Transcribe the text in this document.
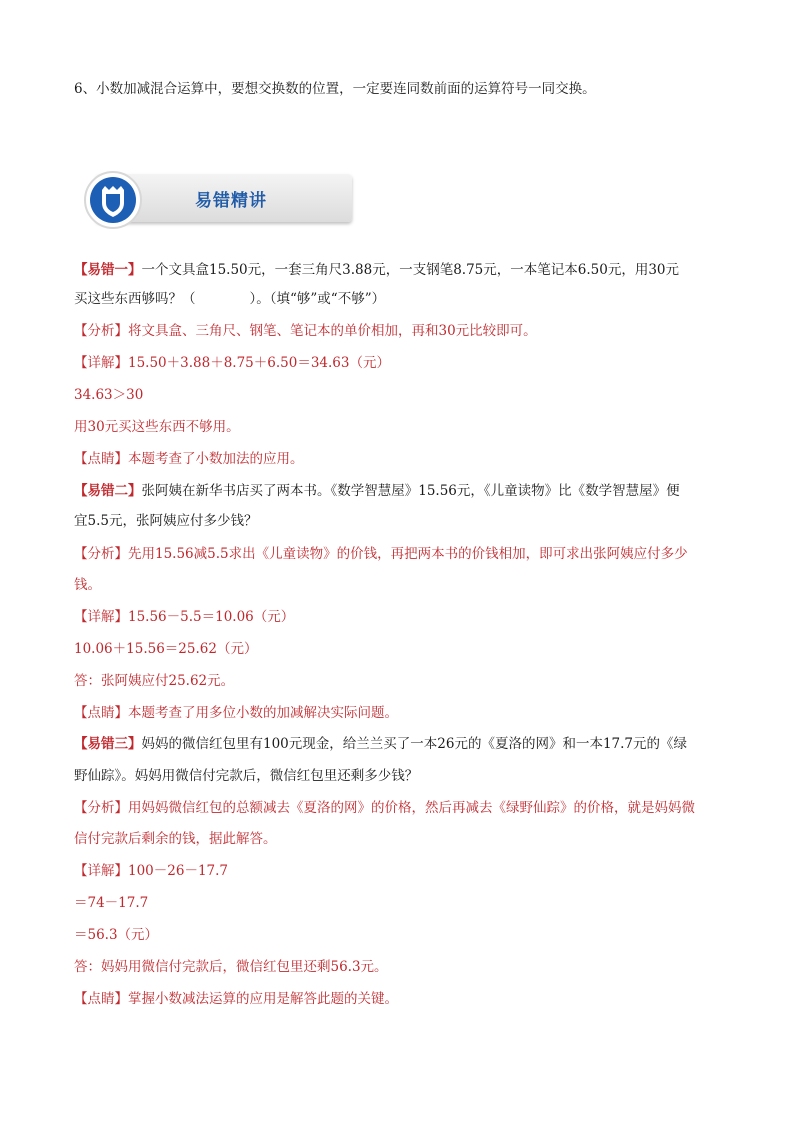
6、小数加减混合运算中，要想交换数的位置，一定要连同数前面的运算符号一同交换。
易错精讲
【易错一】一个文具盒15.50元，一套三角尺3.88元，一支钢笔8.75元，一本笔记本6.50元，用30元
买这些东西够吗？（　　　　）。（填“够”或“不够”）
【分析】将文具盒、三角尺、钢笔、笔记本的单价相加，再和30元比较即可。
【详解】15.50＋3.88＋8.75＋6.50＝34.63（元）
34.63＞30
用30元买这些东西不够用。
【点睛】本题考查了小数加法的应用。
【易错二】张阿姨在新华书店买了两本书。《数学智慧屋》15.56元，《儿童读物》比《数学智慧屋》便
宜5.5元，张阿姨应付多少钱？
【分析】先用15.56减5.5求出《儿童读物》的价钱，再把两本书的价钱相加，即可求出张阿姨应付多少
钱。
【详解】15.56－5.5＝10.06（元）
10.06＋15.56＝25.62（元）
答：张阿姨应付25.62元。
【点睛】本题考查了用多位小数的加减解决实际问题。
【易错三】妈妈的微信红包里有100元现金，给兰兰买了一本26元的《夏洛的网》和一本17.7元的《绿
野仙踪》。妈妈用微信付完款后，微信红包里还剩多少钱？
【分析】用妈妈微信红包的总额减去《夏洛的网》的价格，然后再减去《绿野仙踪》的价格，就是妈妈微
信付完款后剩余的钱，据此解答。
【详解】100－26－17.7
＝74－17.7
＝56.3（元）
答：妈妈用微信付完款后，微信红包里还剩56.3元。
【点睛】掌握小数减法运算的应用是解答此题的关键。
